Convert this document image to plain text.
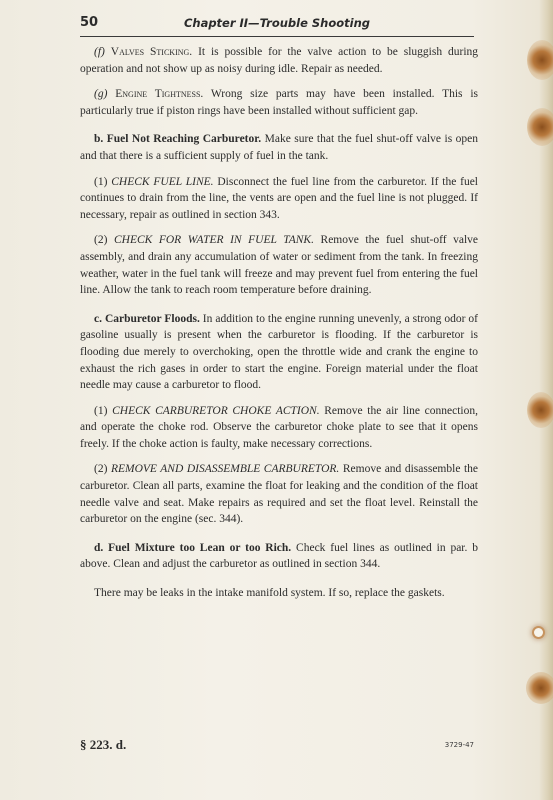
50	Chapter II—Trouble Shooting

(f) Valves Sticking. It is possible for the valve action to be sluggish during operation and not show up as noisy during idle. Repair as needed.

(g) Engine Tightness. Wrong size parts may have been installed. This is particularly true if piston rings have been installed without sufficient gap.

b. Fuel Not Reaching Carburetor. Make sure that the fuel shut-off valve is open and that there is a sufficient supply of fuel in the tank.

(1) CHECK FUEL LINE. Disconnect the fuel line from the carburetor. If the fuel continues to drain from the line, the vents are open and the fuel line is not plugged. If necessary, repair as outlined in section 343.

(2) CHECK FOR WATER IN FUEL TANK. Remove the fuel shut-off valve assembly, and drain any accumulation of water or sediment from the tank. In freezing weather, water in the fuel tank will freeze and may prevent fuel from entering the fuel line. Allow the tank to reach room temperature before draining.

c. Carburetor Floods. In addition to the engine running unevenly, a strong odor of gasoline usually is present when the carburetor is flooding. If the carburetor is flooding due merely to overchoking, open the throttle wide and crank the engine to exhaust the rich gases in order to start the engine. Foreign material under the float needle may cause a carburetor to flood.

(1) CHECK CARBURETOR CHOKE ACTION. Remove the air line connection, and operate the choke rod. Observe the carburetor choke plate to see that it opens freely. If the choke action is faulty, make necessary corrections.

(2) REMOVE AND DISASSEMBLE CARBURETOR. Remove and disassemble the carburetor. Clean all parts, examine the float for leaking and the condition of the float needle valve and seat. Make repairs as required and set the float level. Reinstall the carburetor on the engine (sec. 344).

d. Fuel Mixture too Lean or too Rich. Check fuel lines as outlined in par. b above. Clean and adjust the carburetor as outlined in section 344.

There may be leaks in the intake manifold system. If so, replace the gaskets.

§ 223. d.	3729-47
